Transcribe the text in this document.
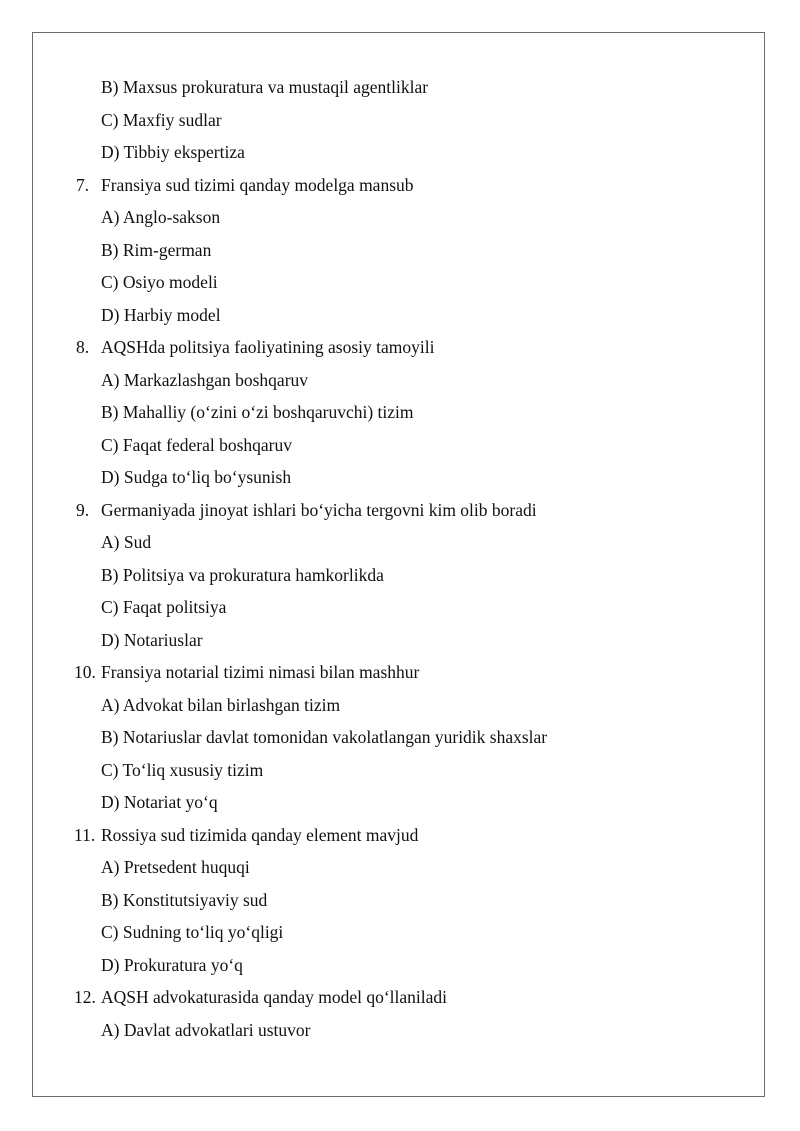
B) Maxsus prokuratura va mustaqil agentliklar
C) Maxfiy sudlar
D) Tibbiy ekspertiza
7. Fransiya sud tizimi qanday modelga mansub
A) Anglo-sakson
B) Rim-german
C) Osiyo modeli
D) Harbiy model
8. AQSHda politsiya faoliyatining asosiy tamoyili
A) Markazlashgan boshqaruv
B) Mahalliy (o‘zini o‘zi boshqaruvchi) tizim
C) Faqat federal boshqaruv
D) Sudga to‘liq bo‘ysunish
9. Germaniyada jinoyat ishlari bo‘yicha tergovni kim olib boradi
A) Sud
B) Politsiya va prokuratura hamkorlikda
C) Faqat politsiya
D) Notariuslar
10. Fransiya notarial tizimi nimasi bilan mashhur
A) Advokat bilan birlashgan tizim
B) Notariuslar davlat tomonidan vakolatlangan yuridik shaxslar
C) To‘liq xususiy tizim
D) Notariat yo‘q
11. Rossiya sud tizimida qanday element mavjud
A) Pretsedent huquqi
B) Konstitutsiyaviy sud
C) Sudning to‘liq yo‘qligi
D) Prokuratura yo‘q
12. AQSH advokaturasida qanday model qo‘llaniladi
A) Davlat advokatlari ustuvor
